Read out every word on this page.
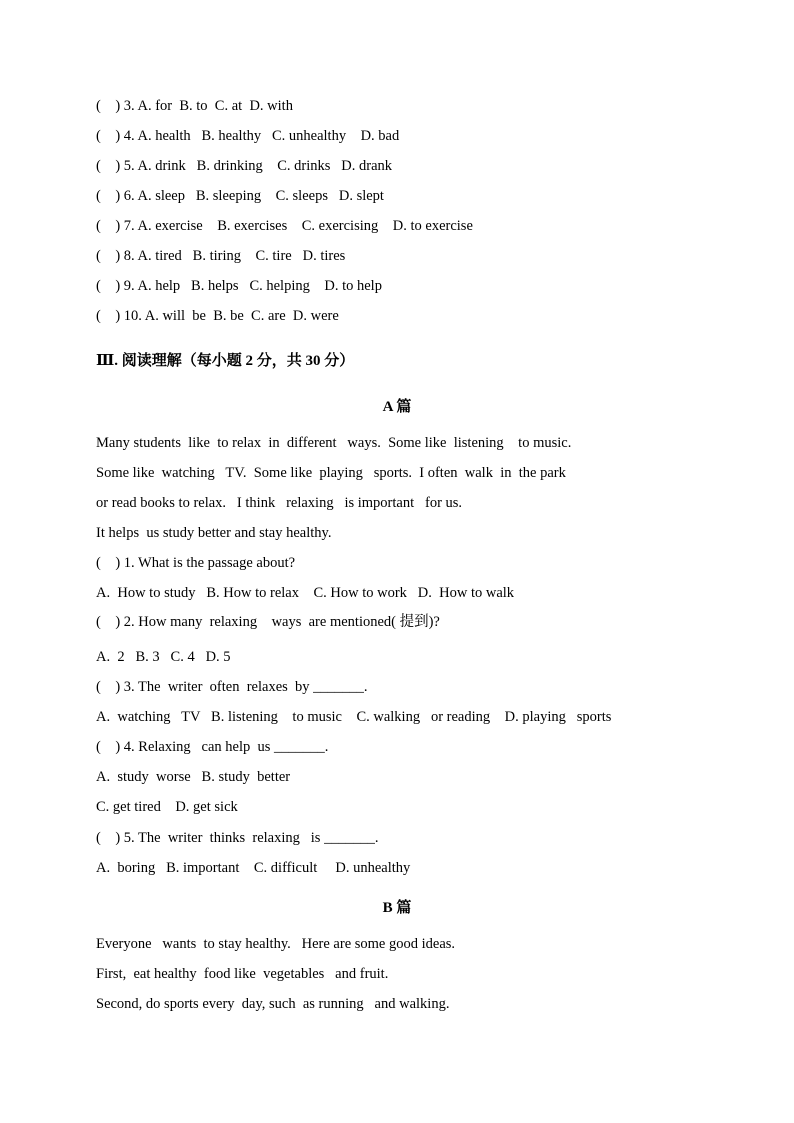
(    ) 3. A. for  B. to  C. at  D. with
(    ) 4. A. health   B. healthy   C. unhealthy    D. bad
(    ) 5. A. drink   B. drinking    C. drinks   D. drank
(    ) 6. A. sleep   B. sleeping    C. sleeps   D. slept
(    ) 7. A. exercise    B. exercises    C. exercising    D. to exercise
(    ) 8. A. tired   B. tiring    C. tire   D. tires
(    ) 9. A. help   B. helps   C. helping    D. to help
(    ) 10. A. will  be  B. be  C. are  D. were
Ⅲ. 阅读理解（每小题 2 分，共 30 分）
A 篇
Many students  like  to relax  in  different   ways.  Some like  listening    to music.
Some like  watching   TV.  Some like  playing   sports.  I often  walk  in  the park
or read books to relax.   I think   relaxing   is important   for us.
It helps  us study better and stay healthy.
(    ) 1. What is the passage about?
A.  How to study   B. How to relax    C. How to work   D.  How to walk
(    ) 2. How many  relaxing    ways  are mentioned( 提到)?
A.  2   B. 3   C. 4   D. 5
(    ) 3. The  writer  often  relaxes  by _______.
A.  watching   TV   B. listening    to music    C. walking   or reading    D. playing   sports
(    ) 4. Relaxing   can help  us _______.
A.  study  worse   B. study  better
C. get tired    D. get sick
(    ) 5. The  writer  thinks  relaxing   is _______.
A.  boring   B. important    C. difficult     D. unhealthy
B 篇
Everyone   wants  to stay healthy.   Here are some good ideas.
First,  eat healthy  food like  vegetables   and fruit.
Second, do sports every  day, such  as running   and walking.
